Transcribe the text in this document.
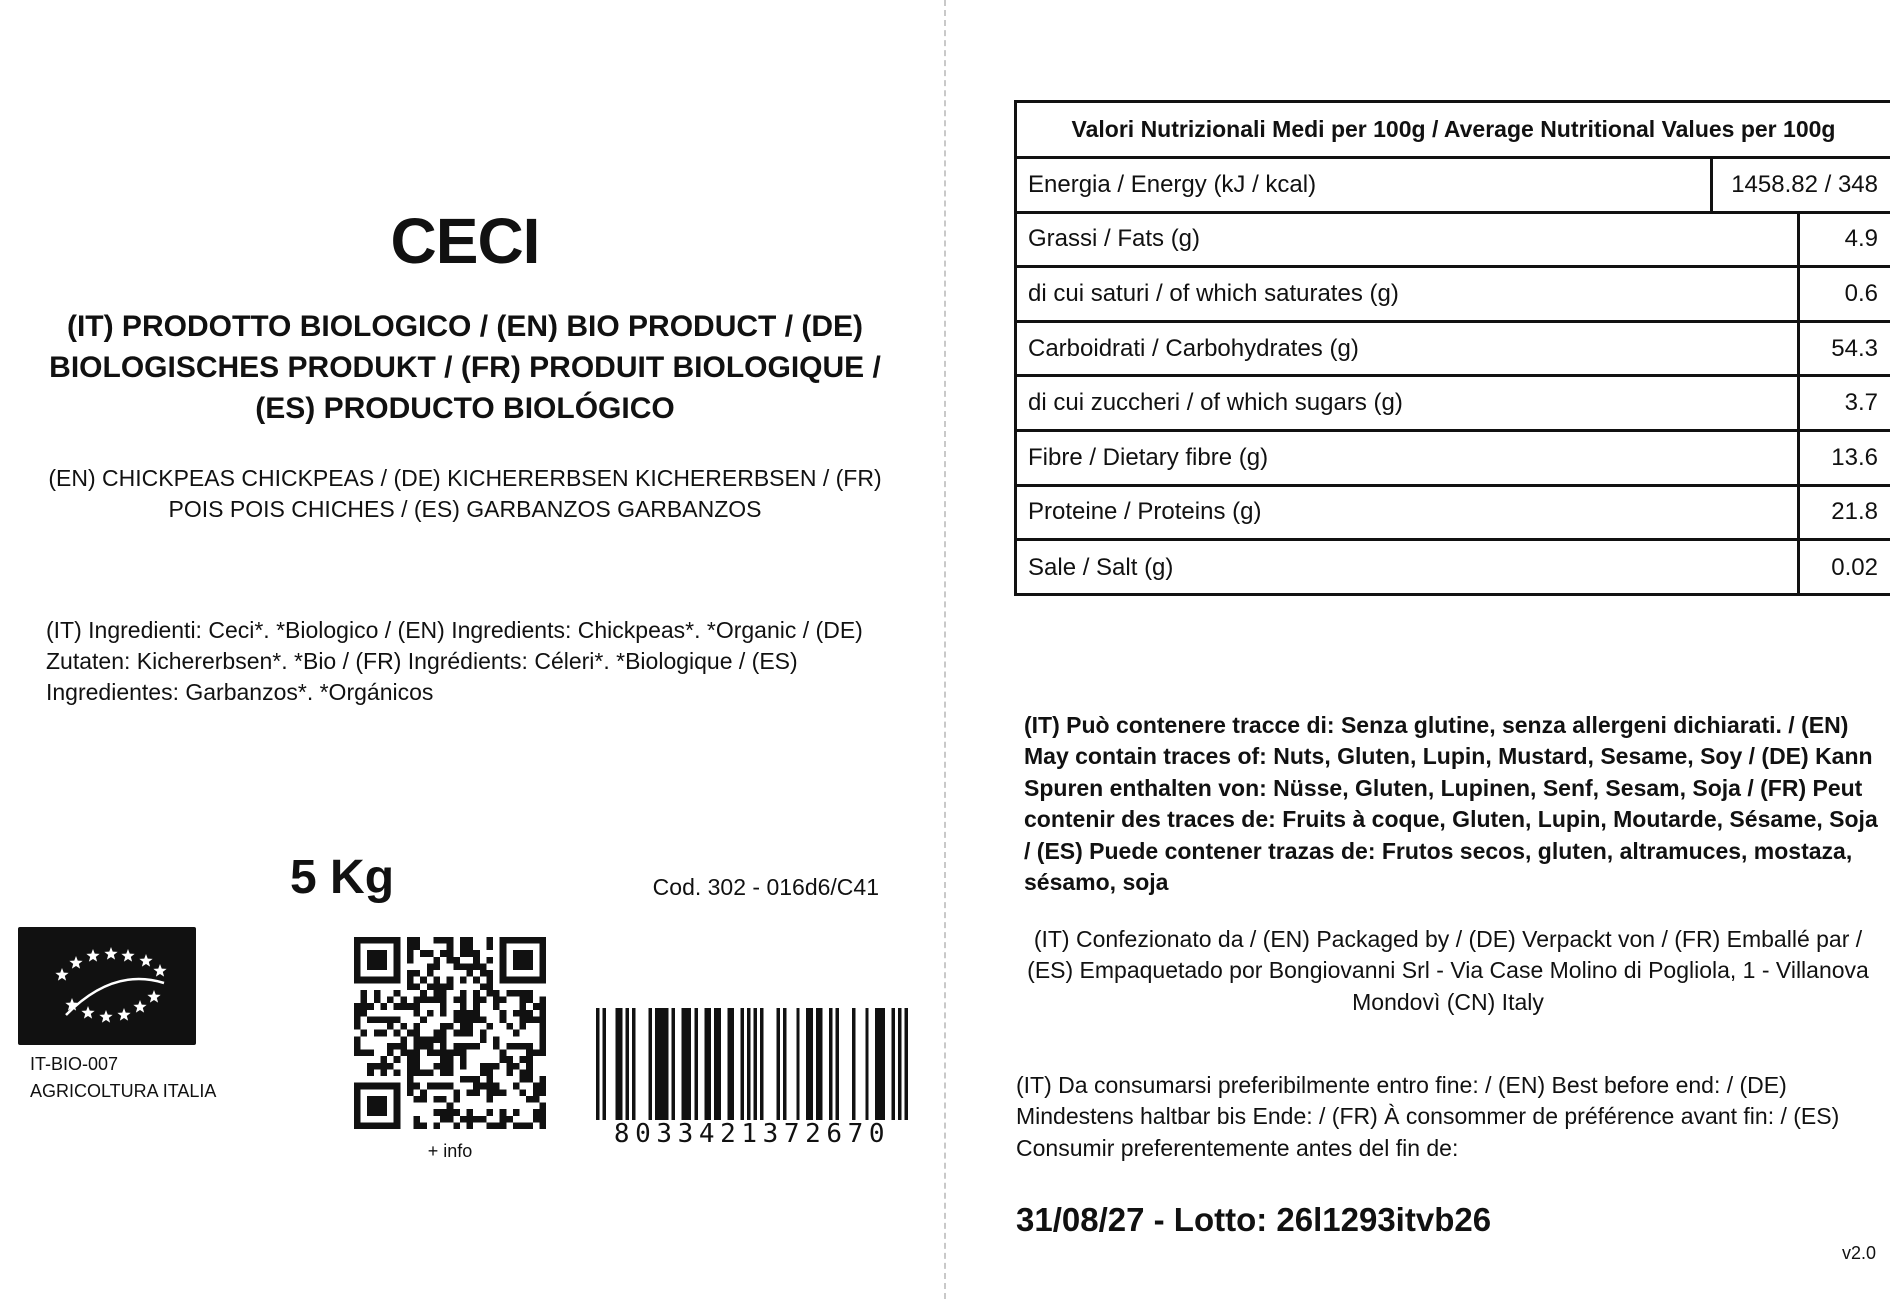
CECI
(IT) PRODOTTO BIOLOGICO / (EN) BIO PRODUCT / (DE) BIOLOGISCHES PRODUKT / (FR) PRODUIT BIOLOGIQUE / (ES) PRODUCTO BIOLÓGICO
(EN) CHICKPEAS CHICKPEAS / (DE) KICHERERBSEN KICHERERBSEN / (FR) POIS POIS CHICHES / (ES) GARBANZOS GARBANZOS
(IT) Ingredienti: Ceci*. *Biologico / (EN) Ingredients: Chickpeas*. *Organic / (DE) Zutaten: Kichererbsen*. *Bio / (FR) Ingrédients: Céleri*. *Biologique / (ES) Ingredientes: Garbanzos*. *Orgánicos
5 Kg	Cod. 302 - 016d6/C41
IT-BIO-007
AGRICOLTURA ITALIA
+ info
8033421372670
Valori Nutrizionali Medi per 100g / Average Nutritional Values per 100g
Energia / Energy (kJ / kcal)	1458.82 / 348
Grassi / Fats (g)	4.9
di cui saturi / of which saturates (g)	0.6
Carboidrati / Carbohydrates (g)	54.3
di cui zuccheri / of which sugars (g)	3.7
Fibre / Dietary fibre (g)	13.6
Proteine / Proteins (g)	21.8
Sale / Salt (g)	0.02
(IT) Può contenere tracce di: Senza glutine, senza allergeni dichiarati. / (EN) May contain traces of: Nuts, Gluten, Lupin, Mustard, Sesame, Soy / (DE) Kann Spuren enthalten von: Nüsse, Gluten, Lupinen, Senf, Sesam, Soja / (FR) Peut contenir des traces de: Fruits à coque, Gluten, Lupin, Moutarde, Sésame, Soja / (ES) Puede contener trazas de: Frutos secos, gluten, altramuces, mostaza, sésamo, soja
(IT) Confezionato da / (EN) Packaged by / (DE) Verpackt von / (FR) Emballé par / (ES) Empaquetado por Bongiovanni Srl - Via Case Molino di Pogliola, 1 - Villanova Mondovì (CN) Italy
(IT) Da consumarsi preferibilmente entro fine: / (EN) Best before end: / (DE) Mindestens haltbar bis Ende: / (FR) À consommer de préférence avant fin: / (ES) Consumir preferentemente antes del fin de:
31/08/27 - Lotto: 26l1293itvb26
v2.0
